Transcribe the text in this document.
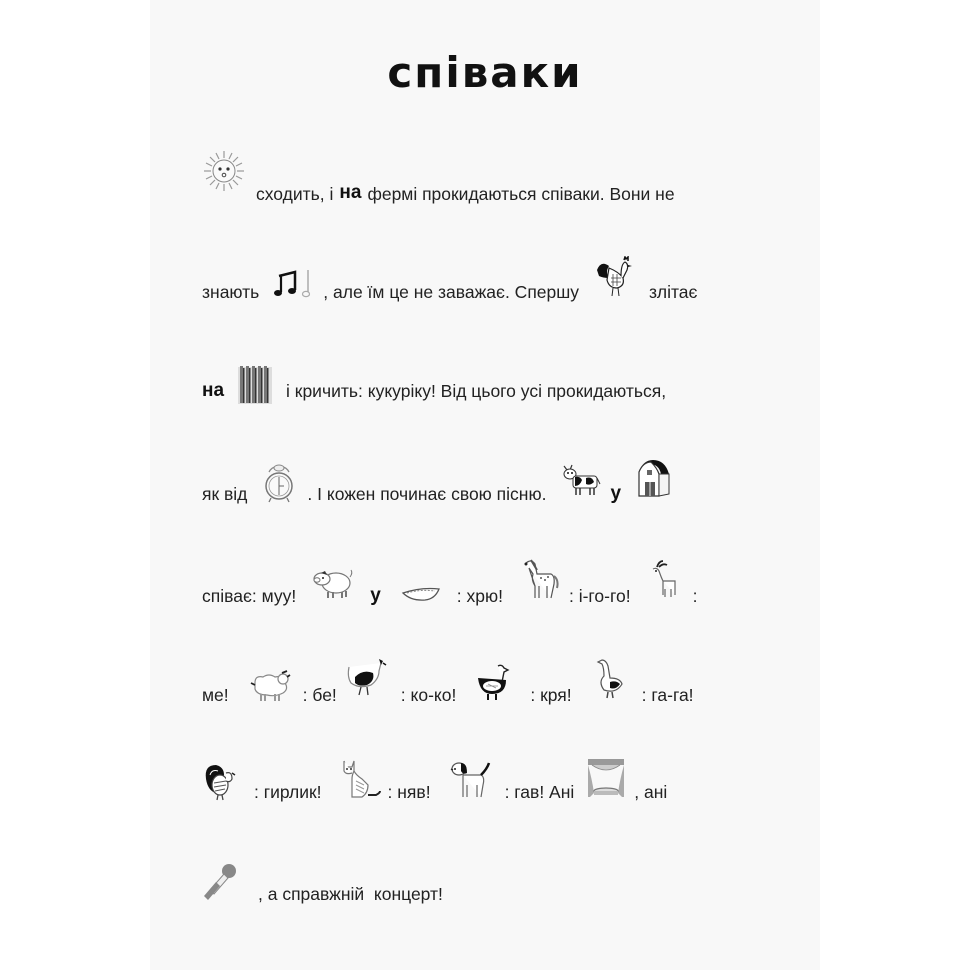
співаки
сходить, і на фермі прокидаються співаки. Вони не
знають	, але їм це не заважає. Спершу	злітає
на	і кричить: кукуріку! Від цього усі прокидаються,
як від	. І кожен починає свою пісню.	у
співає: муу!	у	: хрю!	: і-го-го!	:
ме!	: бе!	: ко-ко!	: кря!	: га-га!
: гирлик!	: няв!	: гав! Ані	, ані
, а справжній  концерт!
